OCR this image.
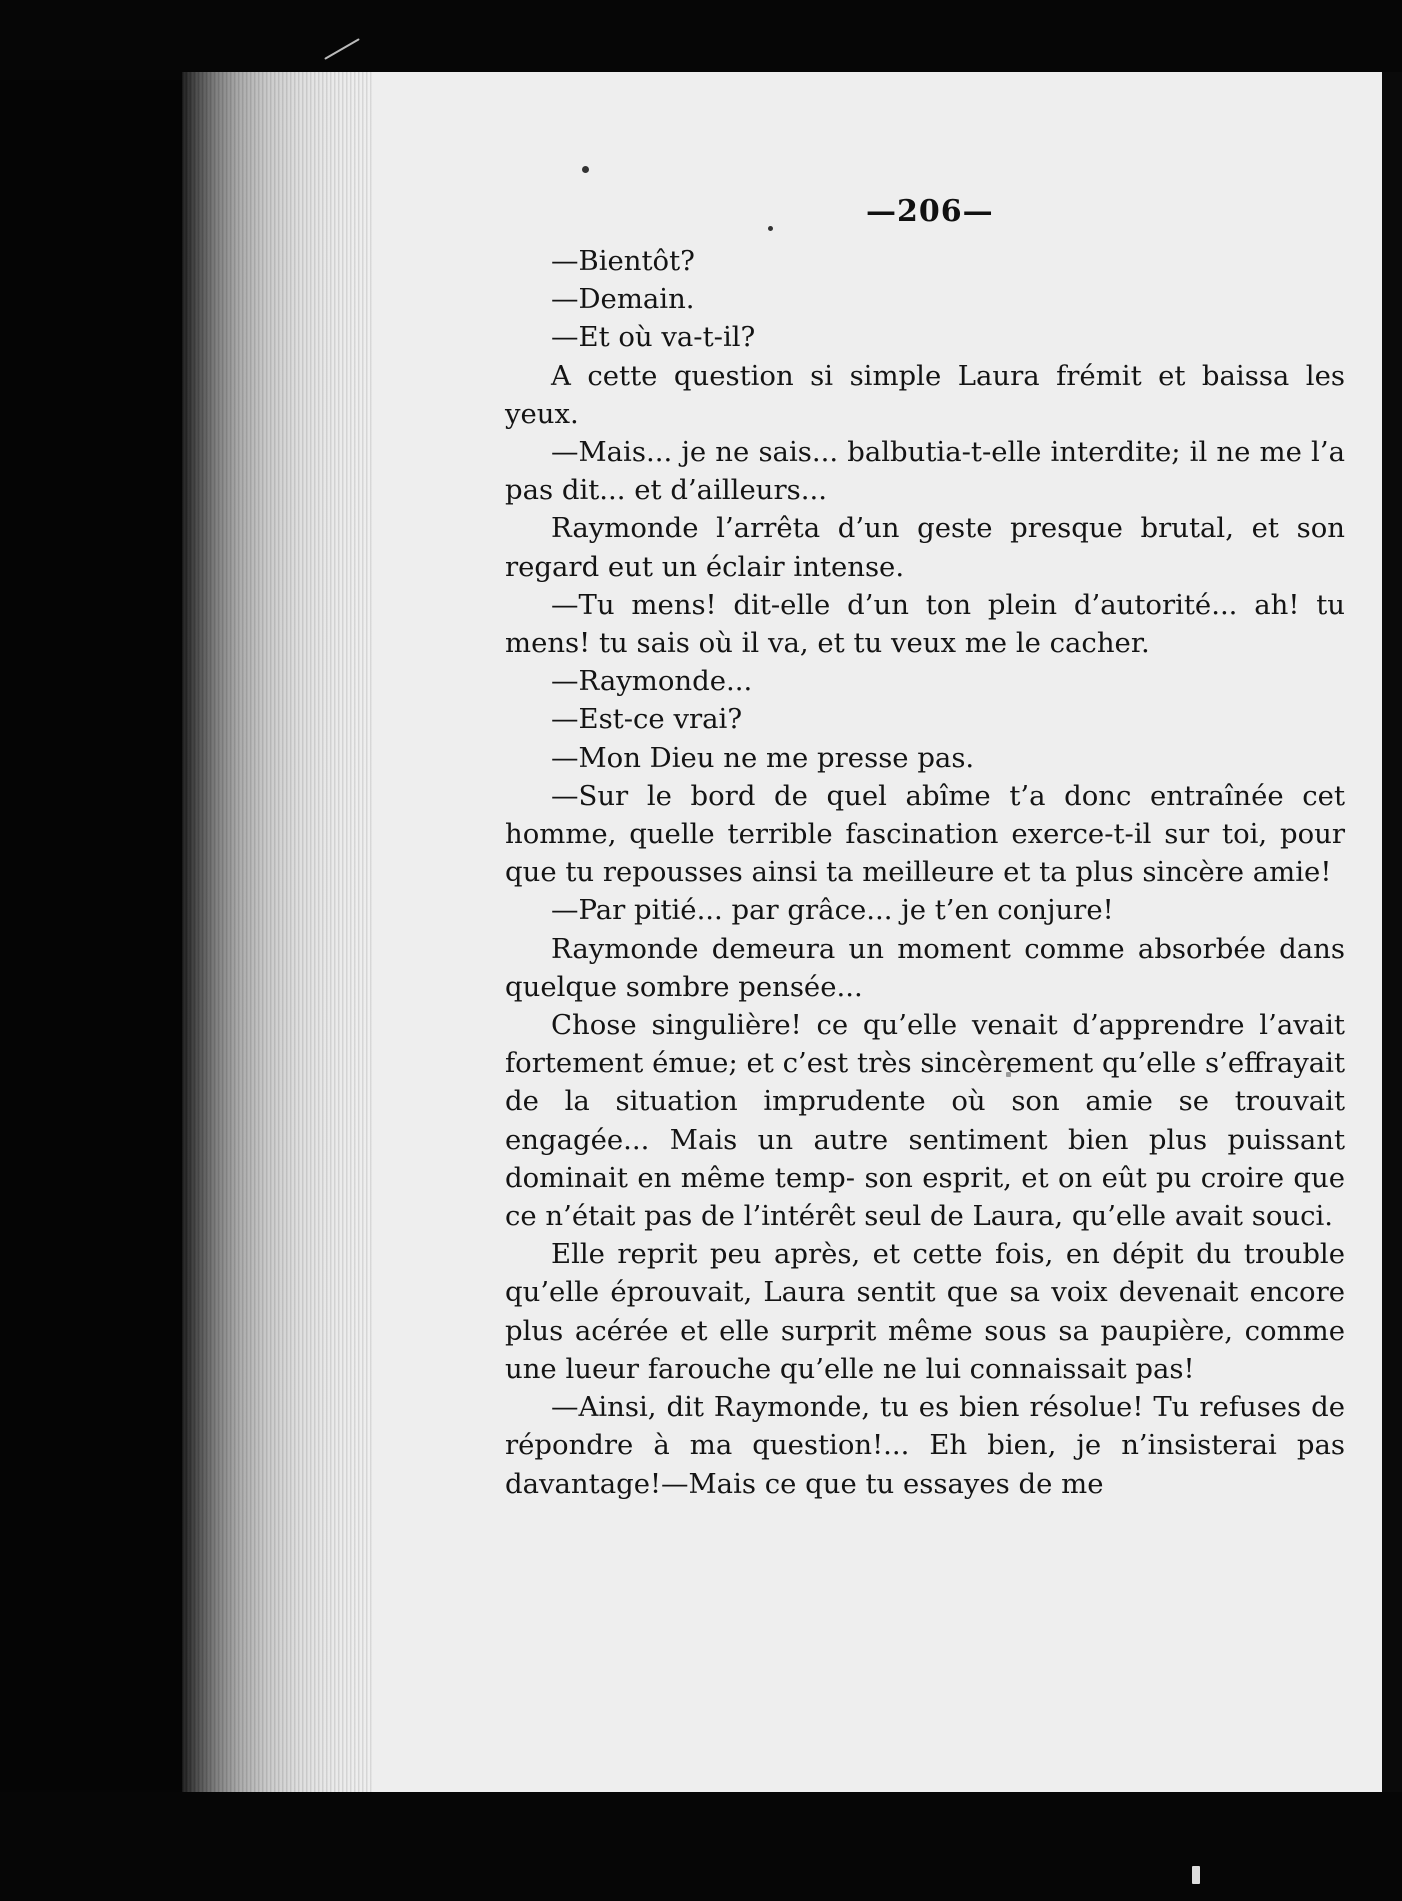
—206—

—Bientôt?

—Demain.

—Et où va-t-il?

A cette question si simple Laura frémit et baissa les yeux.

—Mais... je ne sais... balbutia-t-elle interdite; il ne me l’a pas dit... et d’ailleurs...

Raymonde l’arrêta d’un geste presque brutal, et son regard eut un éclair intense.

—Tu mens! dit-elle d’un ton plein d’autorité... ah! tu mens! tu sais où il va, et tu veux me le cacher.

—Raymonde...

—Est-ce vrai?

—Mon Dieu ne me presse pas.

—Sur le bord de quel abîme t’a donc entraînée cet homme, quelle terrible fascination exerce-t-il sur toi, pour que tu repousses ainsi ta meilleure et ta plus sincère amie!

—Par pitié... par grâce... je t’en conjure!

Raymonde demeura un moment comme absorbée dans quelque sombre pensée...

Chose singulière! ce qu’elle venait d’apprendre l’avait fortement émue; et c’est très sincèrement qu’elle s’effrayait de la situation imprudente où son amie se trouvait engagée... Mais un autre sentiment bien plus puissant dominait en même temp- son esprit, et on eût pu croire que ce n’était pas de l’intérêt seul de Laura, qu’elle avait souci.

Elle reprit peu après, et cette fois, en dépit du trouble qu’elle éprouvait, Laura sentit que sa voix devenait encore plus acérée et elle surprit même sous sa paupière, comme une lueur farouche qu’elle ne lui connaissait pas!

—Ainsi, dit Raymonde, tu es bien résolue! Tu refuses de répondre à ma question!... Eh bien, je n’insisterai pas davantage!—Mais ce que tu essayes de me
